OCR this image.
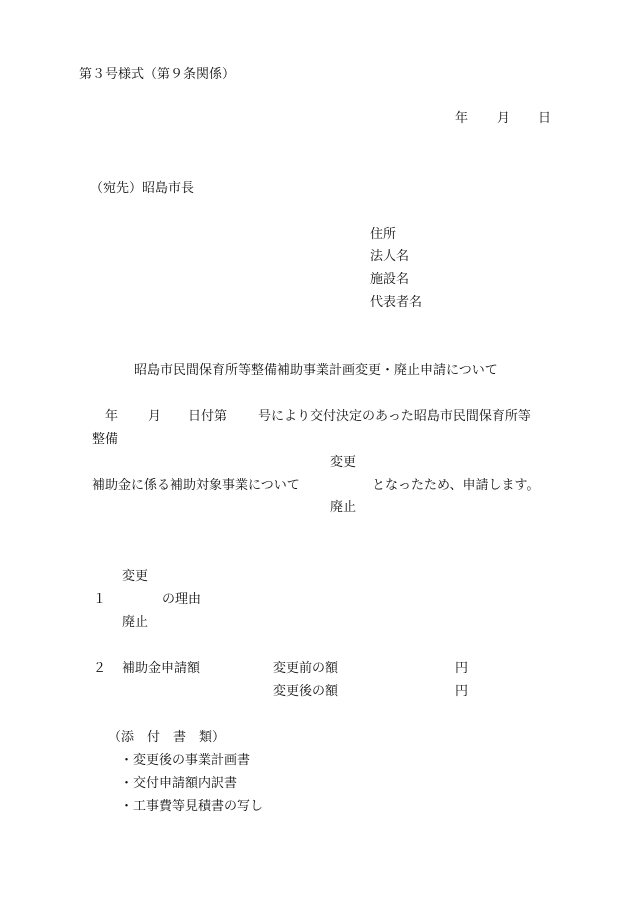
第３号様式（第９条関係）
年 月 日
（宛先）昭島市長
住所
法人名
施設名
代表者名
昭島市民間保育所等整備補助事業計画変更・廃止申請について
年 月 日付第 号により交付決定のあった昭島市民間保育所等
整備
変更
補助金に係る補助対象事業について	となったため、申請します。
廃止
変更
１	の理由
廃止
２ 補助金申請額	変更前の額	円
変更後の額	円
（添　付　書　類）
・変更後の事業計画書
・交付申請額内訳書
・工事費等見積書の写し
